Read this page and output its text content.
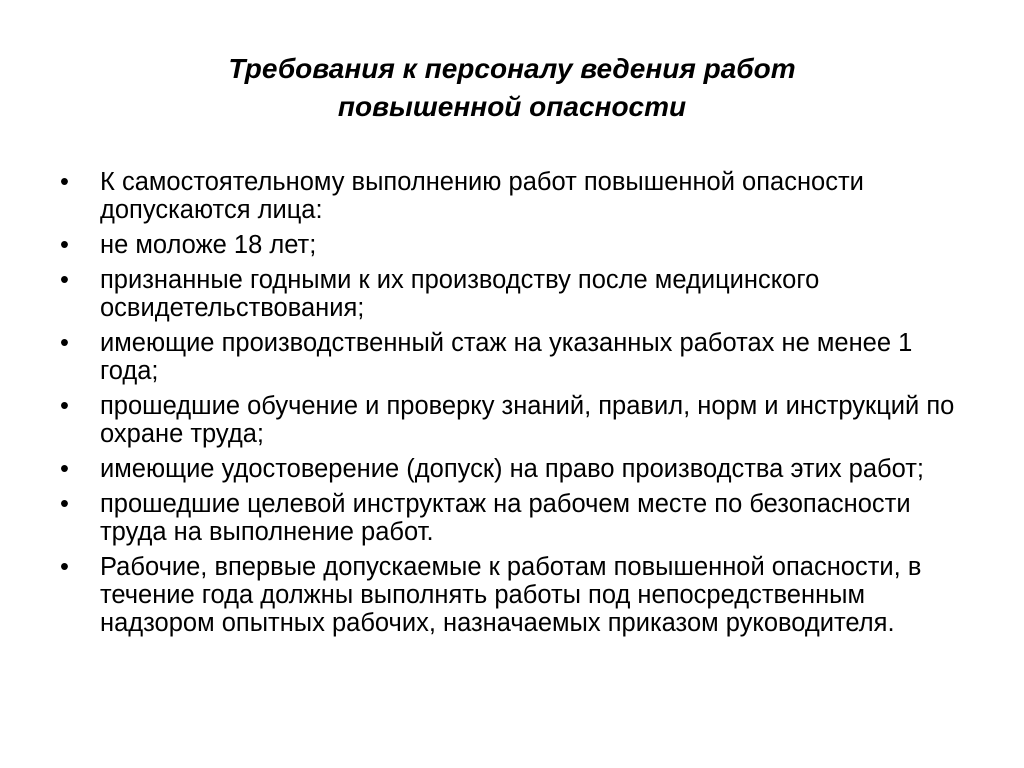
Требования к персоналу ведения работ
повышенной опасности
•	К самостоятельному выполнению работ повышенной опасности допускаются лица:
•	не моложе 18 лет;
•	признанные годными к их производству после медицинского освидетельствования;
•	имеющие производственный стаж на указанных работах не менее 1 года;
•	прошедшие обучение и проверку знаний, правил, норм и инструкций по охране труда;
•	имеющие удостоверение (допуск) на право производства этих работ;
•	прошедшие целевой инструктаж на рабочем месте по безопасности труда на выполнение работ.
•	Рабочие, впервые допускаемые к работам повышенной опасности, в течение года должны выполнять работы под непосредственным надзором опытных рабочих, назначаемых приказом руководителя.
